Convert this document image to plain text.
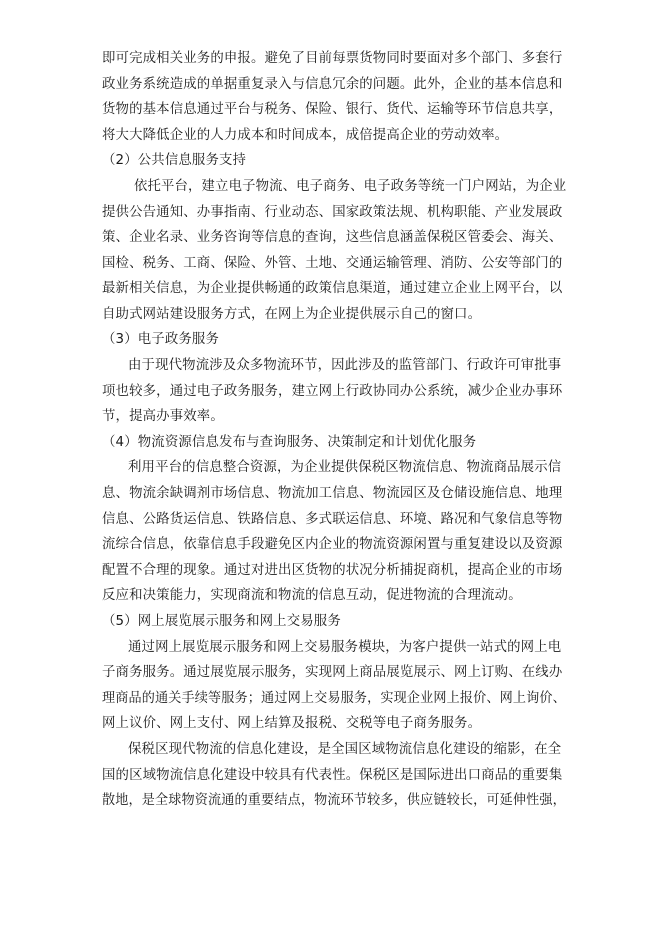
即可完成相关业务的申报。避免了目前每票货物同时要面对多个部门、多套行
政业务系统造成的单据重复录入与信息冗余的问题。此外，企业的基本信息和
货物的基本信息通过平台与税务、保险、银行、货代、运输等环节信息共享，
将大大降低企业的人力成本和时间成本，成倍提高企业的劳动效率。
（2）公共信息服务支持
依托平台，建立电子物流、电子商务、电子政务等统一门户网站，为企业
提供公告通知、办事指南、行业动态、国家政策法规、机构职能、产业发展政
策、企业名录、业务咨询等信息的查询，这些信息涵盖保税区管委会、海关、
国检、税务、工商、保险、外管、土地、交通运输管理、消防、公安等部门的
最新相关信息，为企业提供畅通的政策信息渠道，通过建立企业上网平台，以
自助式网站建设服务方式，在网上为企业提供展示自己的窗口。
（3）电子政务服务
由于现代物流涉及众多物流环节，因此涉及的监管部门、行政许可审批事
项也较多，通过电子政务服务，建立网上行政协同办公系统，减少企业办事环
节，提高办事效率。
（4）物流资源信息发布与查询服务、决策制定和计划优化服务
利用平台的信息整合资源，为企业提供保税区物流信息、物流商品展示信
息、物流余缺调剂市场信息、物流加工信息、物流园区及仓储设施信息、地理
信息、公路货运信息、铁路信息、多式联运信息、环境、路况和气象信息等物
流综合信息，依靠信息手段避免区内企业的物流资源闲置与重复建设以及资源
配置不合理的现象。通过对进出区货物的状况分析捕捉商机，提高企业的市场
反应和决策能力，实现商流和物流的信息互动，促进物流的合理流动。
（5）网上展览展示服务和网上交易服务
通过网上展览展示服务和网上交易服务模块，为客户提供一站式的网上电
子商务服务。通过展览展示服务，实现网上商品展览展示、网上订购、在线办
理商品的通关手续等服务；通过网上交易服务，实现企业网上报价、网上询价、
网上议价、网上支付、网上结算及报税、交税等电子商务服务。
保税区现代物流的信息化建设，是全国区域物流信息化建设的缩影，在全
国的区域物流信息化建设中较具有代表性。保税区是国际进出口商品的重要集
散地，是全球物资流通的重要结点，物流环节较多，供应链较长，可延伸性强，
